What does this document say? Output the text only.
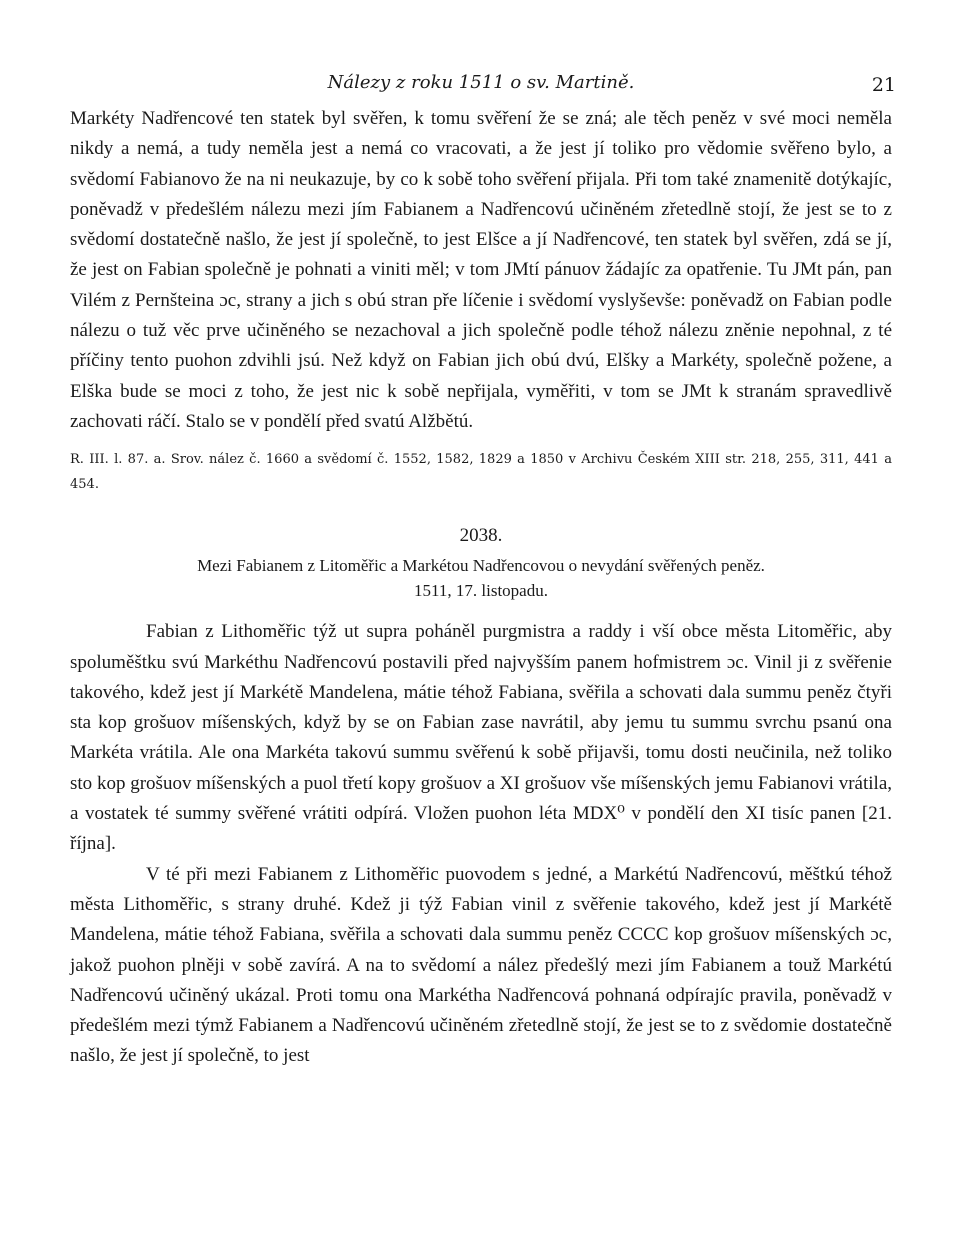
Nálezy z roku 1511 o sv. Martině.	21

Markéty Nadřencové ten statek byl svěřen, k tomu svěření že se zná; ale těch peněz v své moci neměla nikdy a nemá, a tudy neměla jest a nemá co vracovati, a že jest jí toliko pro vědomie svěřeno bylo, a svědomí Fabianovo že na ni neukazuje, by co k sobě toho svěření přijala. Při tom také znamenitě dotýkajíc, poněvadž v předešlém nálezu mezi jím Fabianem a Nadřencovú učiněném zřetedlně stojí, že jest se to z svědomí dostatečně našlo, že jest jí společně, to jest Elšce a jí Nadřencové, ten statek byl svěřen, zdá se jí, že jest on Fabian společně je pohnati a viniti měl; v tom JMtí pánuov žádajíc za opatřenie. Tu JMt pán, pan Vilém z Pernšteina ɔc, strany a jich s obú stran pře líčenie i svědomí vyslyševše: poněvadž on Fabian podle nálezu o tuž věc prve učiněného se nezachoval a jich společně podle téhož nálezu zněnie nepohnal, z té příčiny tento puohon zdvihli jsú. Než když on Fabian jich obú dvú, Elšky a Markéty, společně požene, a Elška bude se moci z toho, že jest nic k sobě nepřijala, vyměřiti, v tom se JMt k stranám spravedlivě zachovati ráčí. Stalo se v pondělí před svatú Alžbětú.

R. III. l. 87. a. Srov. nález č. 1660 a svědomí č. 1552, 1582, 1829 a 1850 v Archivu Českém XIII str. 218, 255, 311, 441 a 454.

2038.
Mezi Fabianem z Litoměřic a Markétou Nadřencovou o nevydání svěřených peněz.
1511, 17. listopadu.

Fabian z Lithoměřic týž ut supra poháněl purgmistra a raddy i vší obce města Litoměřic, aby spoluměštku svú Markéthu Nadřencovú postavili před najvyšším panem hofmistrem ɔc. Vinil ji z svěřenie takového, kdež jest jí Markétě Mandelena, mátie téhož Fabiana, svěřila a schovati dala summu peněz čtyři sta kop grošuov míšenských, když by se on Fabian zase navrátil, aby jemu tu summu svrchu psanú ona Markéta vrátila. Ale ona Markéta takovú summu svěřenú k sobě přijavši, tomu dosti neučinila, než toliko sto kop grošuov míšenských a puol třetí kopy grošuov a XI grošuov vše míšenských jemu Fabianovi vrátila, a vostatek té summy svěřené vrátiti odpírá. Vložen puohon léta MDX⁰ v pondělí den XI tisíc panen [21. října].

V té při mezi Fabianem z Lithoměřic puovodem s jedné, a Markétú Nadřencovú, měštkú téhož města Lithoměřic, s strany druhé. Kdež ji týž Fabian vinil z svěřenie takového, kdež jest jí Markétě Mandelena, mátie téhož Fabiana, svěřila a schovati dala summu peněz CCCC kop grošuov míšenských ɔc, jakož puohon plněji v sobě zavírá. A na to svědomí a nález předešlý mezi jím Fabianem a touž Markétú Nadřencovú učiněný ukázal. Proti tomu ona Markétha Nadřencová pohnaná odpírajíc pravila, poněvadž v předešlém mezi týmž Fabianem a Nadřencovú učiněném zřetedlně stojí, že jest se to z svědomie dostatečně našlo, že jest jí společně, to jest
